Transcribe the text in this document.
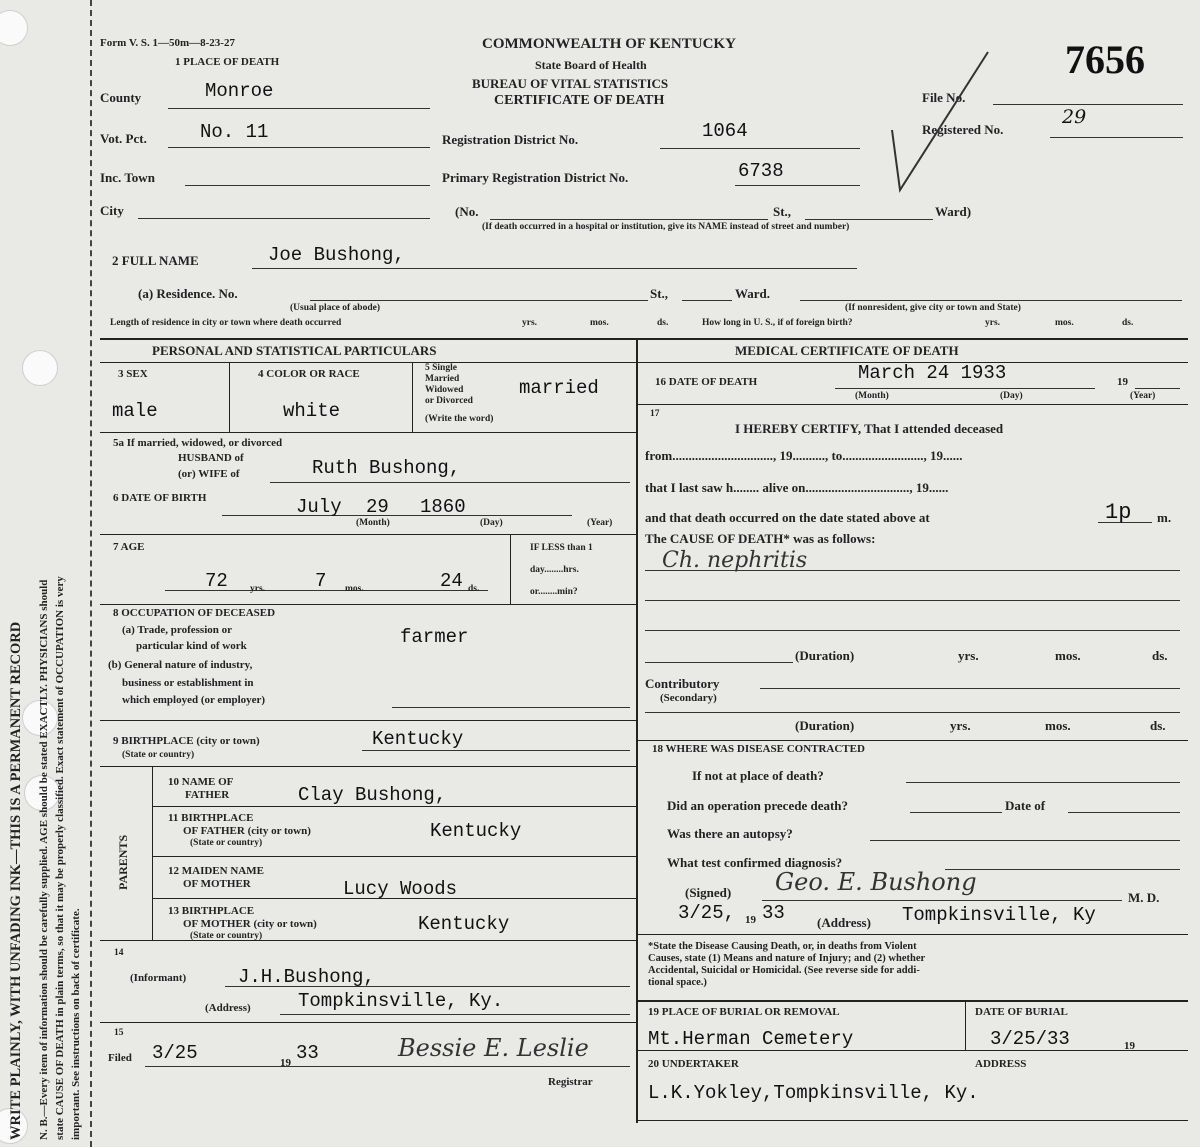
WRITE PLAINLY, WITH UNFADING INK—THIS IS A PERMANENT RECORD N. B.—Every item of information should be carefully supplied. AGE should be stated EXACTLY. PHYSICIANS should state CAUSE OF DEATH in plain terms, so that it may be properly classified. Exact statement of OCCUPATION is very important. See instructions on back of certificate.
Form V. S. 1—50m—8-23-27
1 PLACE OF DEATH
COMMONWEALTH OF KENTUCKY
State Board of Health
BUREAU OF VITAL STATISTICS
CERTIFICATE OF DEATH
7656
County	Monroe
Vot. Pct.	No. 11
Inc. Town
City
Registration District No.	1064
Primary Registration District No.	6738
(No.	St.,	Ward)
(If death occurred in a hospital or institution, give its NAME instead of street and number)
File No.
Registered No.
29
2 FULL NAME	Joe Bushong,
(a) Residence. No.	St.,	Ward.
(Usual place of abode)	(If nonresident, give city or town and State)
Length of residence in city or town where death occurred	yrs.	mos.	ds.	How long in U. S., if of foreign birth?	yrs.	mos.	ds.
PERSONAL AND STATISTICAL PARTICULARS	MEDICAL CERTIFICATE OF DEATH
3 SEX
male
4 COLOR OR RACE
white
5 Single
Married
Widowed
or Divorced
(Write the word)
married
5a If married, widowed, or divorced
HUSBAND of
(or) WIFE of	Ruth Bushong,
6 DATE OF BIRTH	July 29 1860
(Month)	(Day)	(Year)
7 AGE
72 yrs.	7 mos.	24 ds.
IF LESS than 1
day........hrs.
or........min?
8 OCCUPATION OF DECEASED
(a) Trade, profession or
particular kind of work	farmer
(b) General nature of industry,
business or establishment in
which employed (or employer)
9 BIRTHPLACE (city or town)
(State or country)
Kentucky
PARENTS
10 NAME OF
FATHER	Clay Bushong,
11 BIRTHPLACE
OF FATHER (city or town)
(State or country)
Kentucky
12 MAIDEN NAME
OF MOTHER	Lucy Woods
13 BIRTHPLACE
OF MOTHER (city or town)
(State or country)
Kentucky
14
(Informant)	J.H.Bushong,
(Address) Tompkinsville, Ky.
15
Filed 3/25	19 33	Bessie E. Leslie
Registrar
16 DATE OF DEATH	March 24 1933	19
(Month)	(Day)	(Year)
17
I HEREBY CERTIFY, That I attended deceased
from..............................., 19.........., to........................., 19......
that I last saw h........ alive on................................, 19......
and that death occurred on the date stated above at	1p m.
The CAUSE OF DEATH* was as follows:
Ch. nephritis
(Duration)	yrs.	mos.	ds.
Contributory
(Secondary)
(Duration)	yrs.	mos.	ds.
18 WHERE WAS DISEASE CONTRACTED
If not at place of death?
Did an operation precede death?	Date of
Was there an autopsy?
What test confirmed diagnosis?
(Signed) Geo. E. Bushong
M. D.
3/25, 19 33 (Address) Tompkinsville, Ky
*State the Disease Causing Death, or, in deaths from Violent
Causes, state (1) Means and nature of Injury; and (2) whether
Accidental, Suicidal or Homicidal. (See reverse side for addi-
tional space.)
19 PLACE OF BURIAL OR REMOVAL
Mt.Herman Cemetery
DATE OF BURIAL
3/25/33	19
20 UNDERTAKER	ADDRESS
L.K.Yokley,Tompkinsville, Ky.
